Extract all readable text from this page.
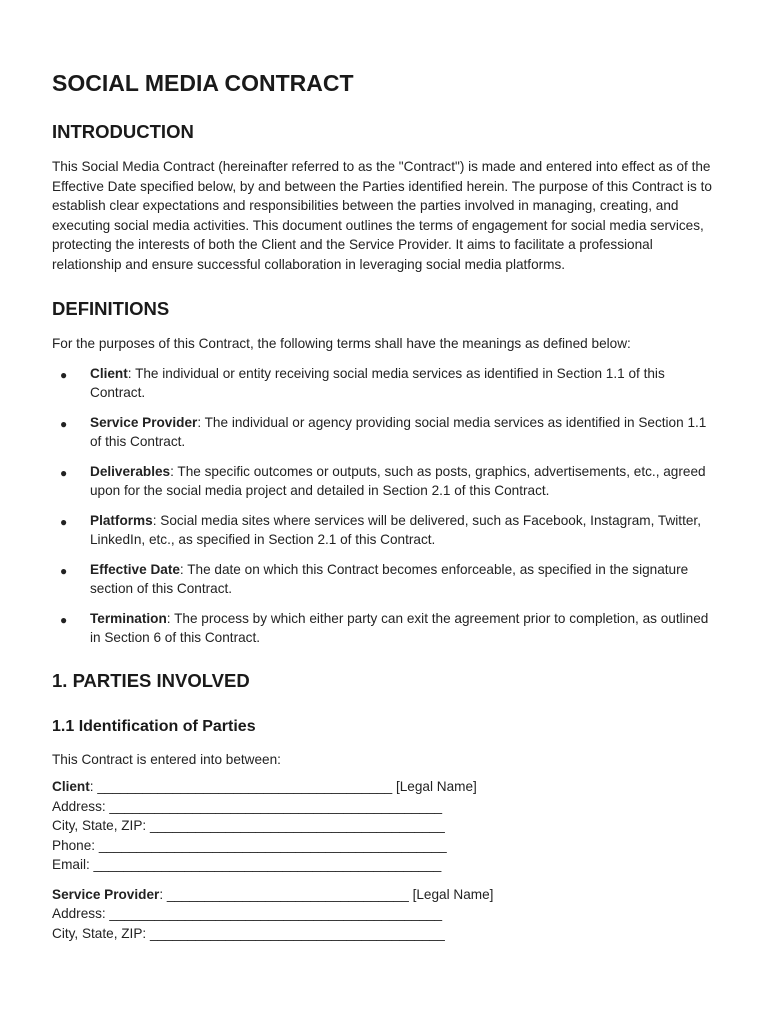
SOCIAL MEDIA CONTRACT
INTRODUCTION

This Social Media Contract (hereinafter referred to as the "Contract") is made and entered into effect as of the Effective Date specified below, by and between the Parties identified herein. The purpose of this Contract is to establish clear expectations and responsibilities between the parties involved in managing, creating, and executing social media activities. This document outlines the terms of engagement for social media services, protecting the interests of both the Client and the Service Provider. It aims to facilitate a professional relationship and ensure successful collaboration in leveraging social media platforms.

DEFINITIONS

For the purposes of this Contract, the following terms shall have the meanings as defined below:

● Client: The individual or entity receiving social media services as identified in Section 1.1 of this Contract.
● Service Provider: The individual or agency providing social media services as identified in Section 1.1 of this Contract.
● Deliverables: The specific outcomes or outputs, such as posts, graphics, advertisements, etc., agreed upon for the social media project and detailed in Section 2.1 of this Contract.
● Platforms: Social media sites where services will be delivered, such as Facebook, Instagram, Twitter, LinkedIn, etc., as specified in Section 2.1 of this Contract.
● Effective Date: The date on which this Contract becomes enforceable, as specified in the signature section of this Contract.
● Termination: The process by which either party can exit the agreement prior to completion, as outlined in Section 6 of this Contract.
1. PARTIES INVOLVED
1.1 Identification of Parties

This Contract is entered into between:

Client: _______________________________________ [Legal Name]
Address: ____________________________________________
City, State, ZIP: _______________________________________
Phone: ______________________________________________
Email: ______________________________________________
Service Provider: ________________________________ [Legal Name]
Address: ____________________________________________
City, State, ZIP: _______________________________________
